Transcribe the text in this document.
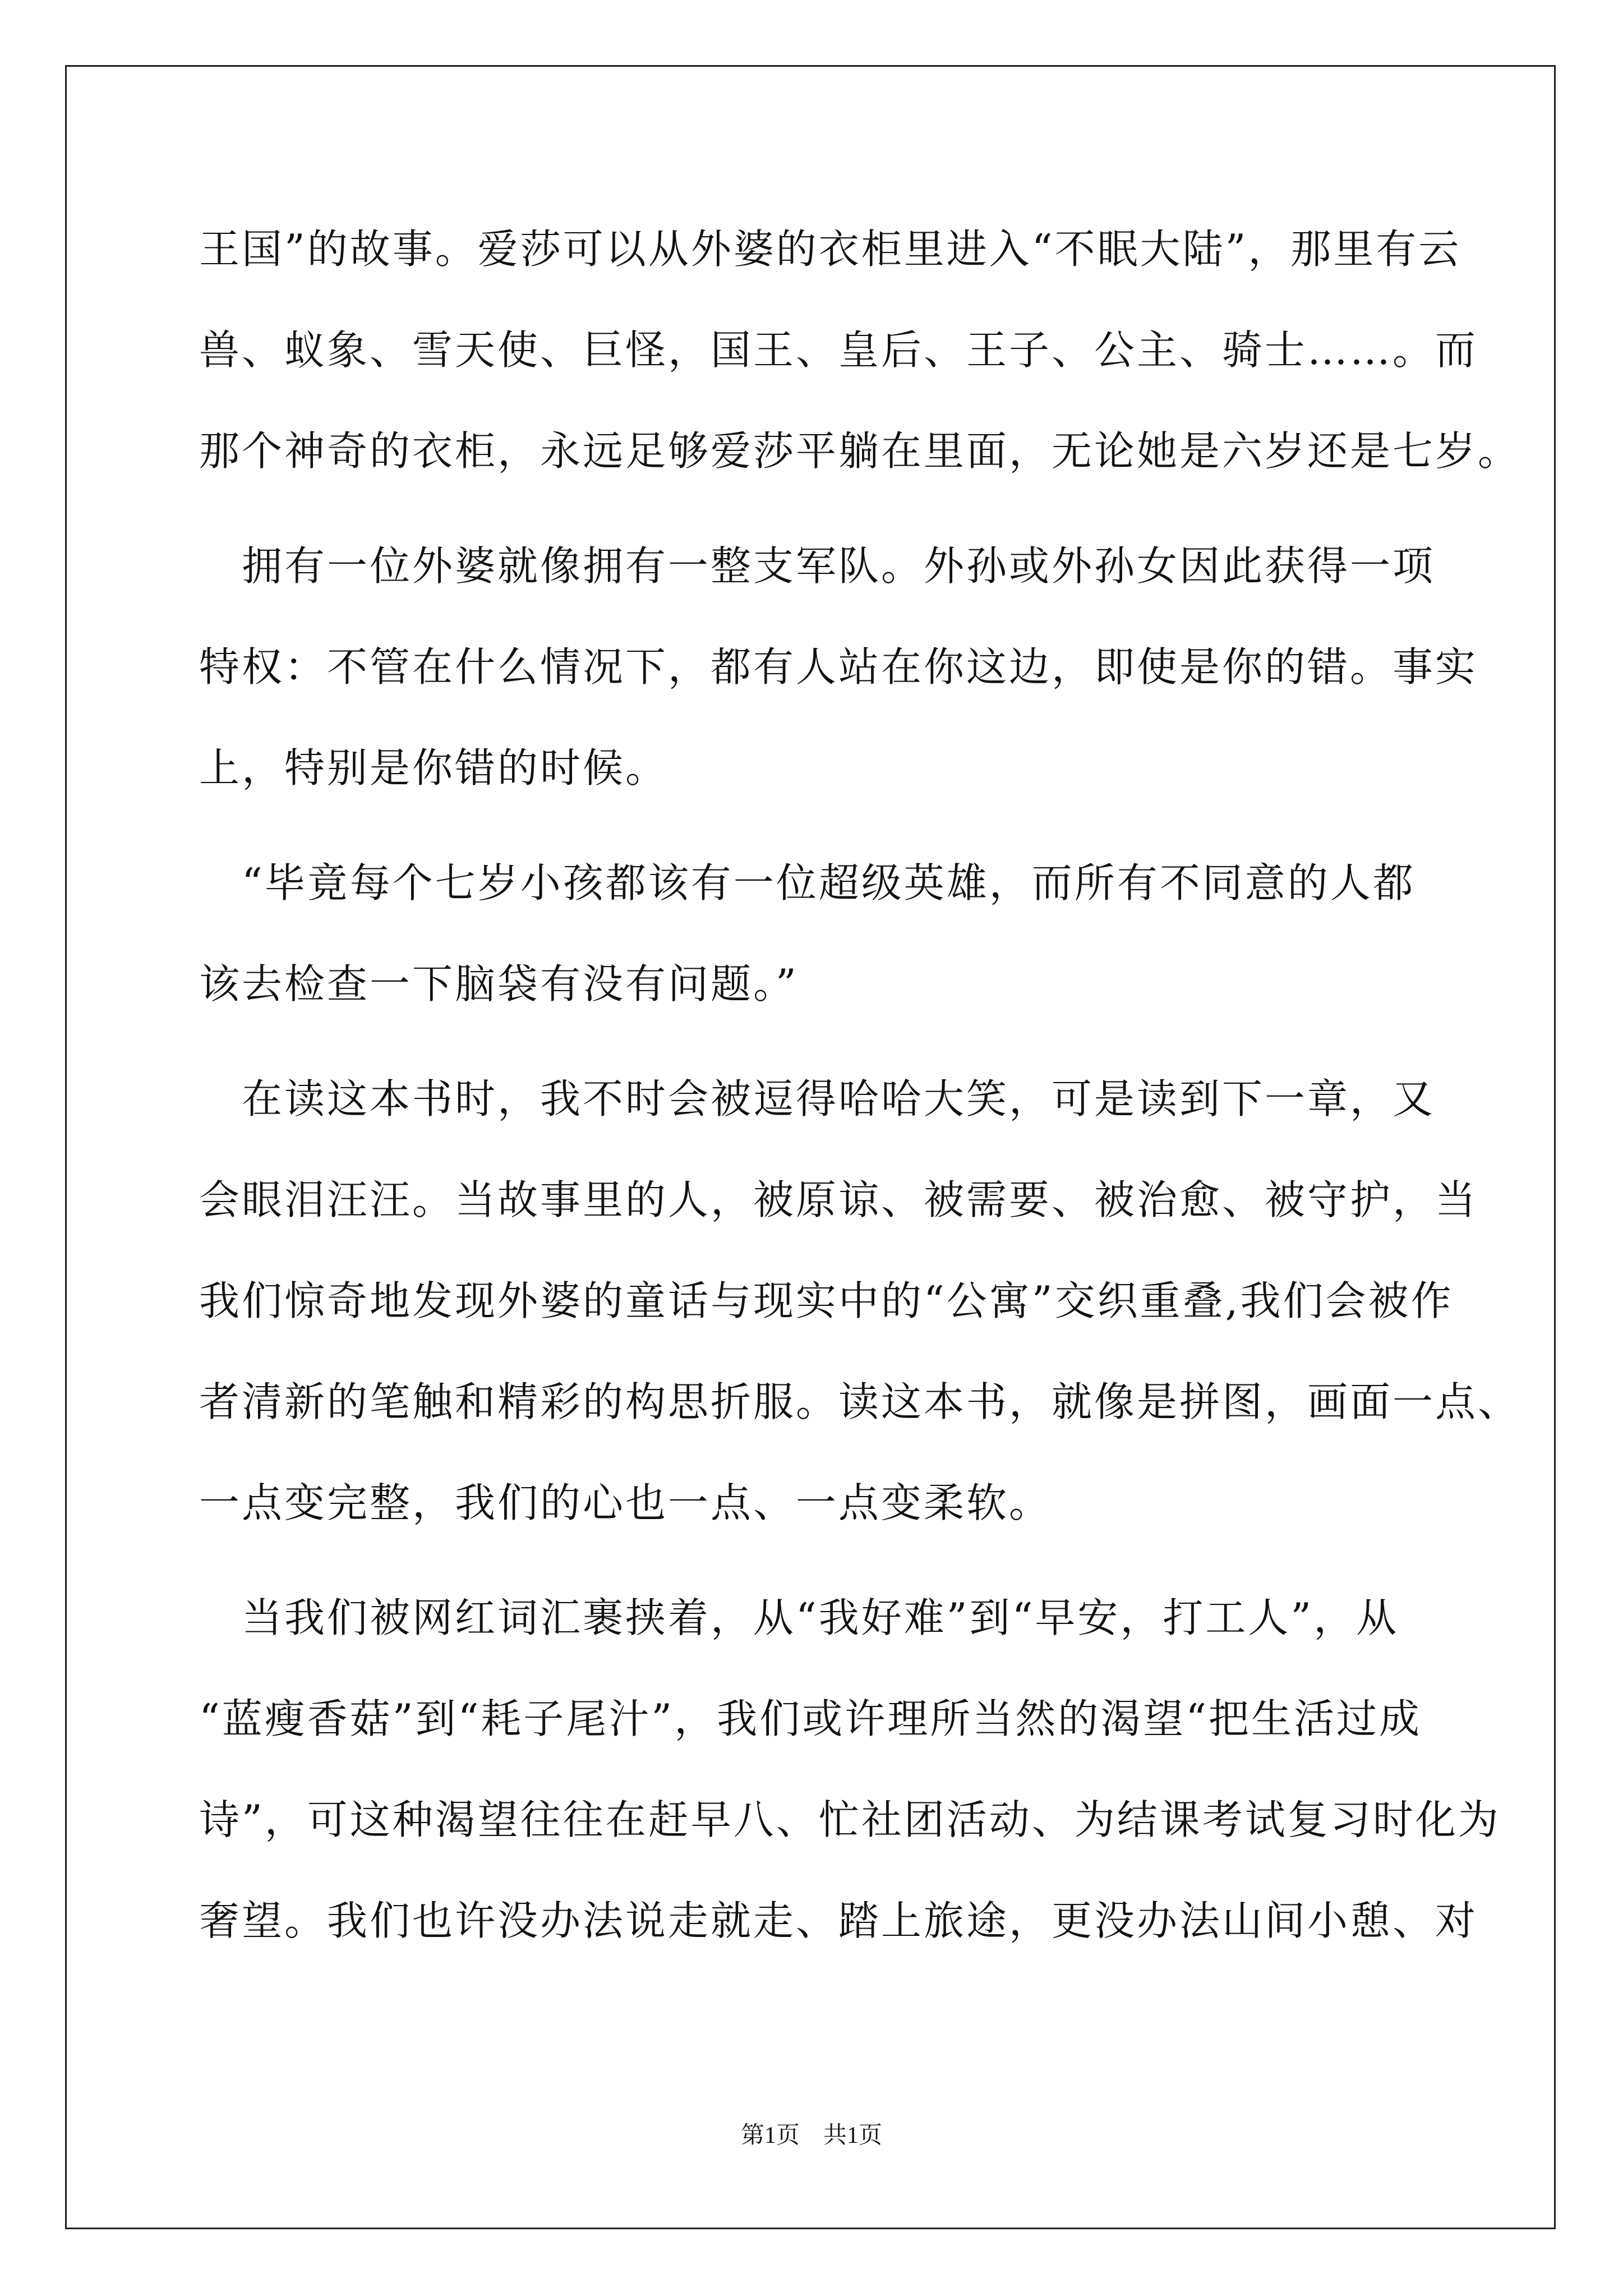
王国”的故事。爱莎可以从外婆的衣柜里进入“不眠大陆”，那里有云
兽、蚁象、雪天使、巨怪，国王、皇后、王子、公主、骑士……。而
那个神奇的衣柜，永远足够爱莎平躺在里面，无论她是六岁还是七岁。
　拥有一位外婆就像拥有一整支军队。外孙或外孙女因此获得一项
特权：不管在什么情况下，都有人站在你这边，即使是你的错。事实
上，特别是你错的时候。
　“毕竟每个七岁小孩都该有一位超级英雄，而所有不同意的人都
该去检查一下脑袋有没有问题。”
　在读这本书时，我不时会被逗得哈哈大笑，可是读到下一章，又
会眼泪汪汪。当故事里的人，被原谅、被需要、被治愈、被守护，当
我们惊奇地发现外婆的童话与现实中的“公寓”交织重叠,我们会被作
者清新的笔触和精彩的构思折服。读这本书，就像是拼图，画面一点、
一点变完整，我们的心也一点、一点变柔软。
　当我们被网红词汇裹挟着，从“我好难”到“早安，打工人”，从
“蓝瘦香菇”到“耗子尾汁”，我们或许理所当然的渴望“把生活过成
诗”，可这种渴望往往在赶早八、忙社团活动、为结课考试复习时化为
奢望。我们也许没办法说走就走、踏上旅途，更没办法山间小憩、对
第1页　共1页
